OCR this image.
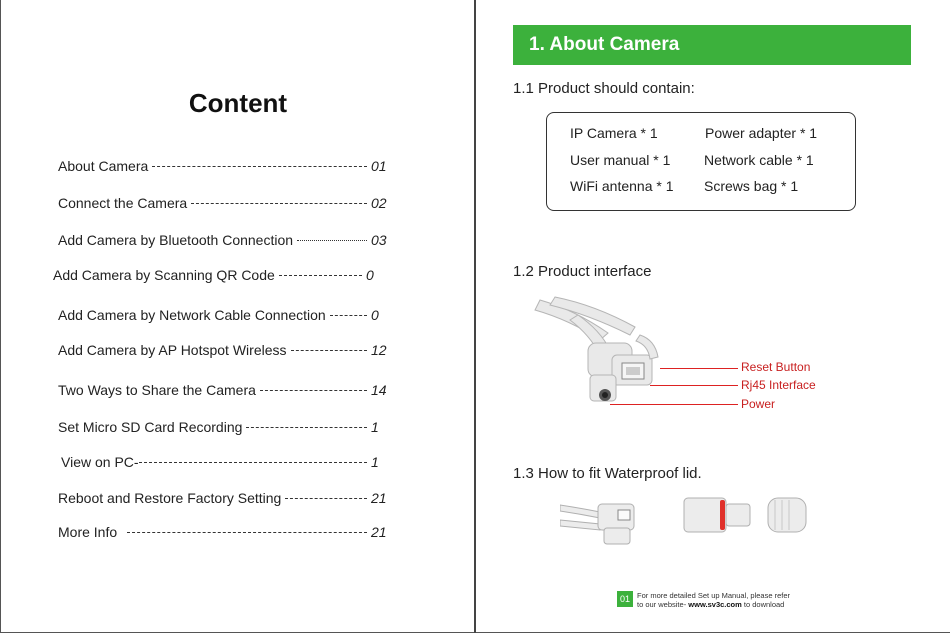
Content
About Camera	01
Connect the Camera	02
Add Camera by Bluetooth Connection	03
Add Camera by Scanning QR Code	0
Add Camera by Network Cable Connection	0
Add Camera by AP Hotspot Wireless	12
Two Ways to Share the Camera	14
Set Micro SD Card Recording	1
View on PC-	1
Reboot and Restore Factory Setting	21
More Info	21
1. About Camera
1.1 Product should contain:
IP Camera * 1	Power adapter * 1
User manual * 1 Network cable * 1
WiFi antenna * 1 Screws bag * 1
1.2 Product interface
Reset Button
Rj45 Interface
Power
1.3 How to fit Waterproof lid.
01 For more detailed Set up Manual, please refer
to our website- www.sv3c.com to download
